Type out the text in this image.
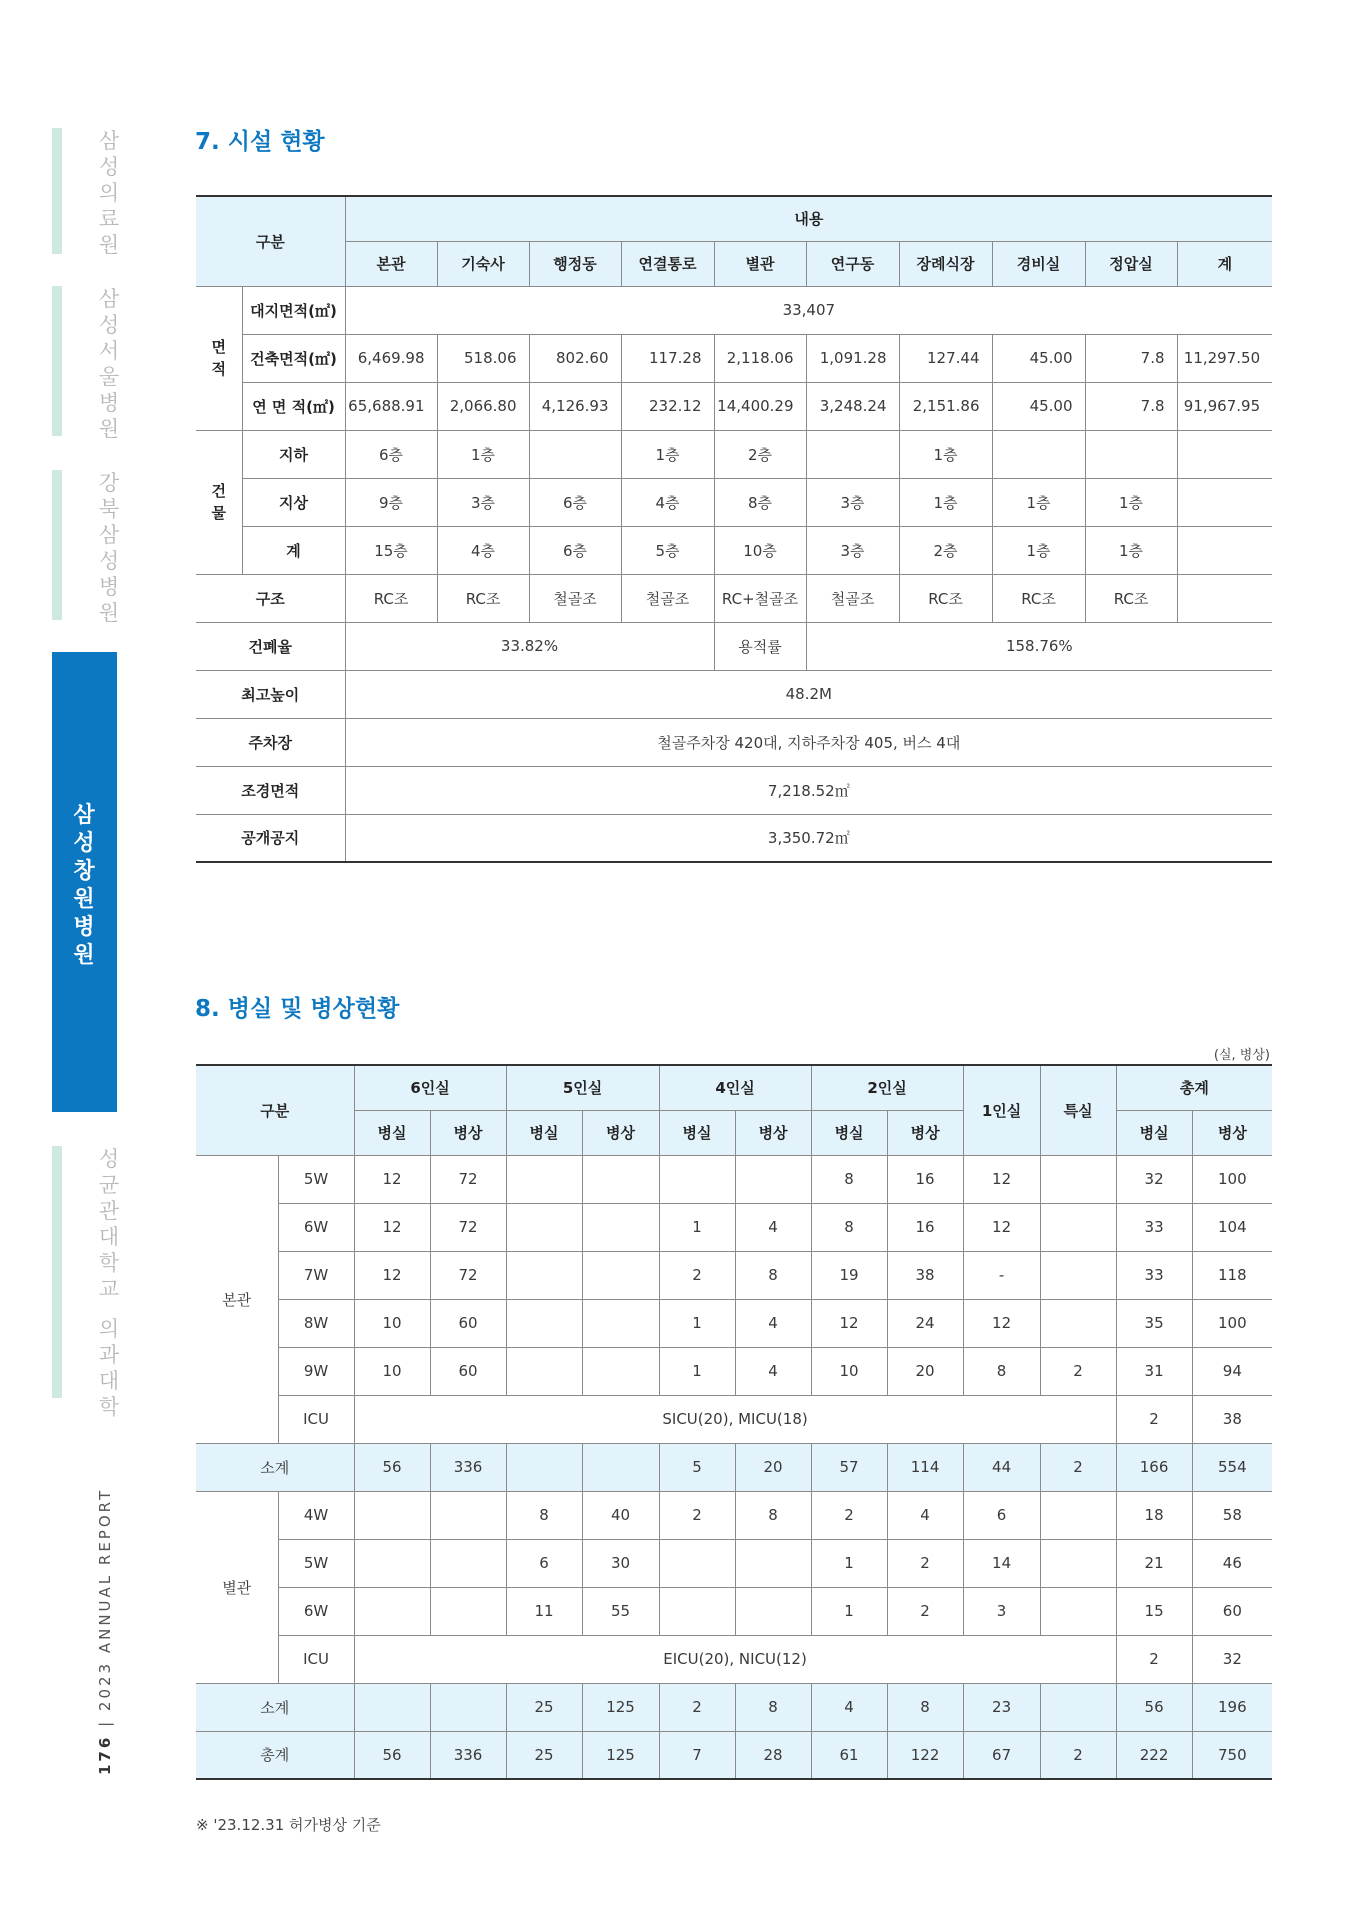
삼
성
의
료
원
삼
성
서
울
병
원
강
북
삼
성
병
원
삼
성
창
원
병
원
성
균
관
대
학
교
의
과
대
학
176 | 2023 ANNUAL REPORT
7. 시설 현황
구분		내용									
		본관	기숙사	행정동	연결통로	별관	연구동	장례식장	경비실	정압실	계

면
적	대지면적(㎡)	33,407									
	건축면적(㎡)	6,469.98	518.06	802.60	117.28	2,118.06	1,091.28	127.44	45.00	7.8	11,297.50
	연 면 적(㎡)	65,688.91	2,066.80	4,126.93	232.12	14,400.29	3,248.24	2,151.86	45.00	7.8	91,967.95

건
물	지하	6층	1층		1층	2층		1층			
	지상	9층	3층	6층	4층	8층	3층	1층	1층	1층	
	계	15층	4층	6층	5층	10층	3층	2층	1층	1층	
구조		RC조	RC조	철골조	철골조	RC+철골조	철골조	RC조	RC조	RC조	
건폐율		33.82%				용적률	158.76%				
최고높이		48.2M									
주차장		철골주차장 420대, 지하주차장 405, 버스 4대									
조경면적		7,218.52㎡									
공개공지		3,350.72㎡									
8. 병실 및 병상현황
(실, 병상)
구분		6인실		5인실		4인실		2인실		1인실	특실	총계	
		병실	병상	병실	병상	병실	병상	병실	병상			병실	병상
본관	5W	12	72					8	16	12		32	100
	6W	12	72			1	4	8	16	12		33	104
	7W	12	72			2	8	19	38	-		33	118
	8W	10	60			1	4	12	24	12		35	100
	9W	10	60			1	4	10	20	8	2	31	94
	ICU	SICU(20), MICU(18)										2	38
소계		56	336			5	20	57	114	44	2	166	554
별관	4W			8	40	2	8	2	4	6		18	58
	5W			6	30			1	2	14		21	46
	6W			11	55			1	2	3		15	60
	ICU	EICU(20), NICU(12)										2	32
소계				25	125	2	8	4	8	23		56	196
총계		56	336	25	125	7	28	61	122	67	2	222	750
※ '23.12.31 허가병상 기준
